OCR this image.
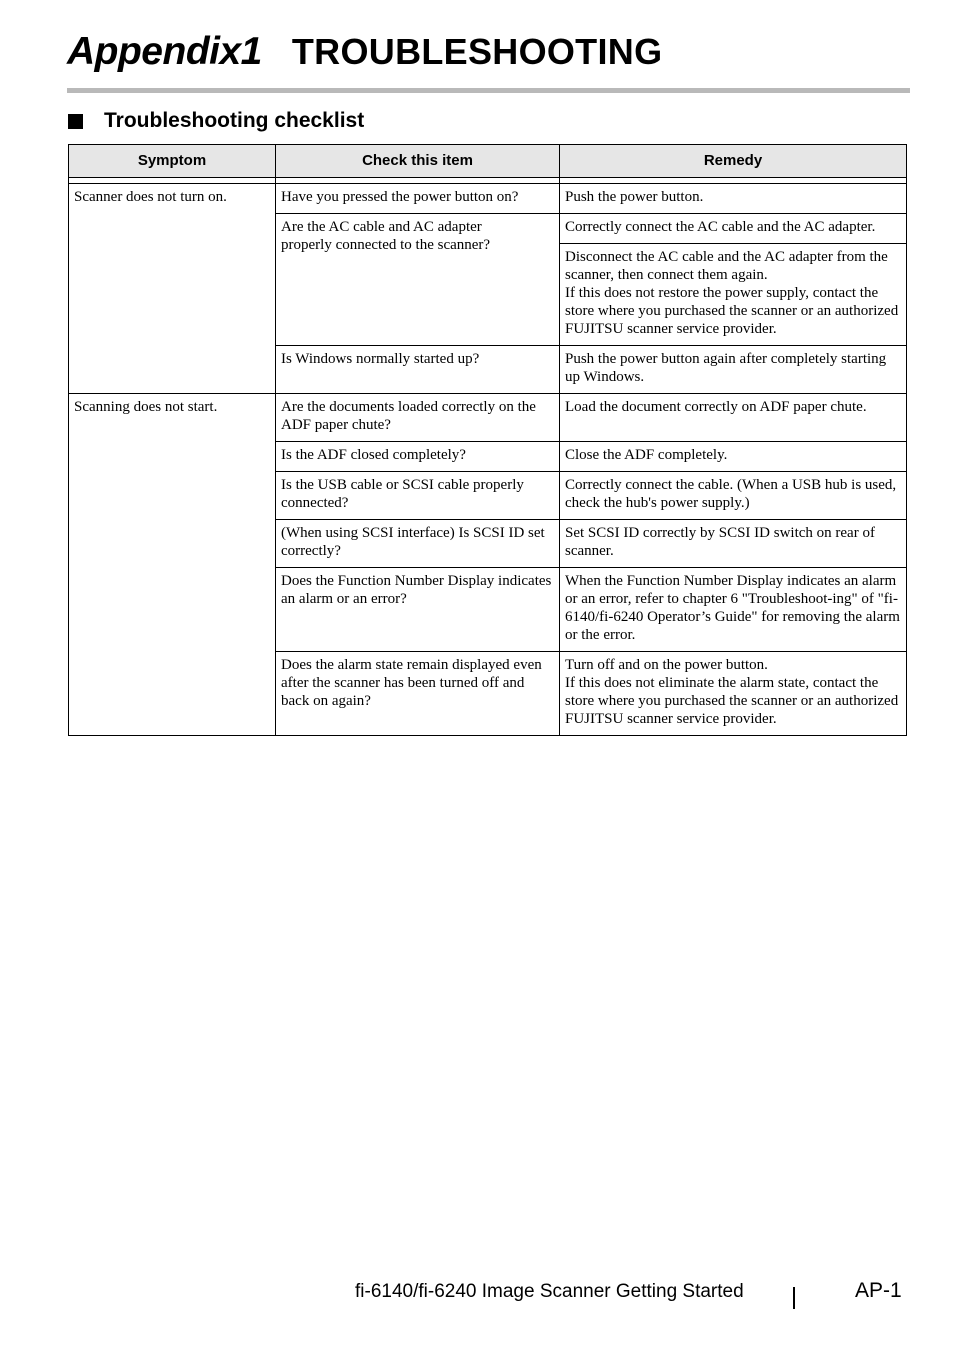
Appendix1 TROUBLESHOOTING
Troubleshooting checklist
Symptom	Check this item	Remedy

Scanner does not turn on.	Have you pressed the power button on?	Push the power button.
	Are the AC cable and AC adapter properly connected to the scanner?	Correctly connect the AC cable and the AC adapter.
		Disconnect the AC cable and the AC adapter from the scanner, then connect them again.
If this does not restore the power supply, contact the store where you purchased the scanner or an authorized FUJITSU scanner service provider.
	Is Windows normally started up?	Push the power button again after completely starting up Windows.
Scanning does not start.	Are the documents loaded correctly on the ADF paper chute?	Load the document correctly on ADF paper chute.
	Is the ADF closed completely?	Close the ADF completely.
	Is the USB cable or SCSI cable properly connected?	Correctly connect the cable. (When a USB hub is used, check the hub's power supply.)
	(When using SCSI interface) Is SCSI ID set correctly?	Set SCSI ID correctly by SCSI ID switch on rear of scanner.
	Does the Function Number Display indicates an alarm or an error?	When the Function Number Display indicates an alarm or an error, refer to chapter 6 "Troubleshoot-ing" of "fi-6140/fi-6240 Operator’s Guide" for removing the alarm or the error.
	Does the alarm state remain displayed even after the scanner has been turned off and back on again?	Turn off and on the power button.
If this does not eliminate the alarm state, contact the store where you purchased the scanner or an authorized FUJITSU scanner service provider.
fi-6140/fi-6240 Image Scanner Getting Started	AP-1
